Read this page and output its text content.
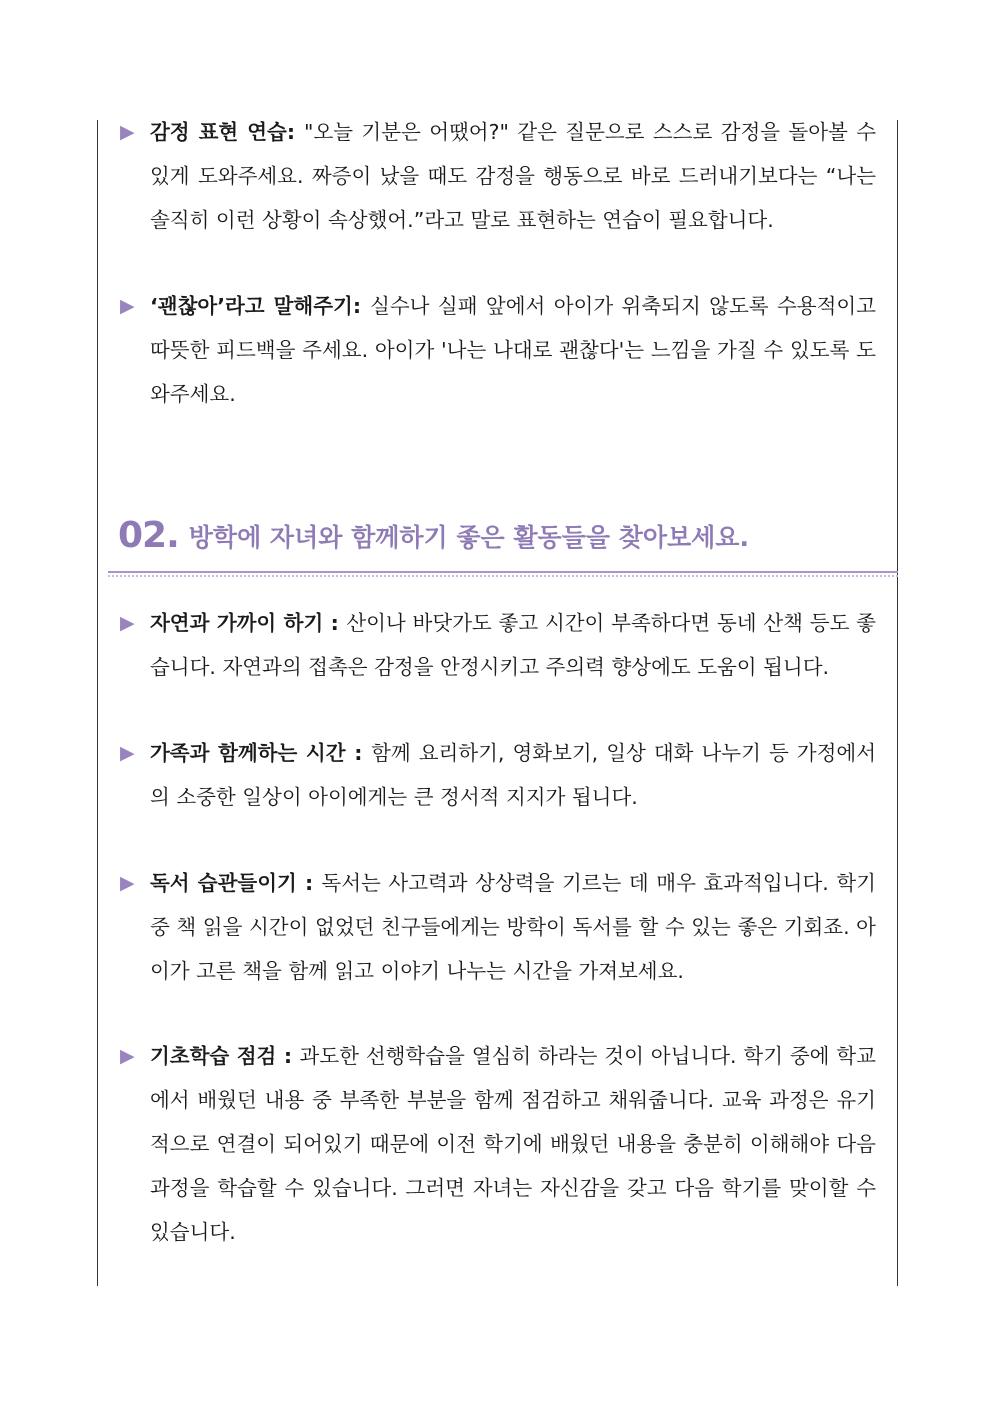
▶ 감정 표현 연습: "오늘 기분은 어땠어?" 같은 질문으로 스스로 감정을 돌아볼 수 있게 도와주세요. 짜증이 났을 때도 감정을 행동으로 바로 드러내기보다는 “나는 솔직히 이런 상황이 속상했어.”라고 말로 표현하는 연습이 필요합니다.

▶ ‘괜찮아’라고 말해주기: 실수나 실패 앞에서 아이가 위축되지 않도록 수용적이고 따뜻한 피드백을 주세요. 아이가 '나는 나대로 괜찮다'는 느낌을 가질 수 있도록 도와주세요.

02. 방학에 자녀와 함께하기 좋은 활동들을 찾아보세요.

▶ 자연과 가까이 하기 : 산이나 바닷가도 좋고 시간이 부족하다면 동네 산책 등도 좋습니다. 자연과의 접촉은 감정을 안정시키고 주의력 향상에도 도움이 됩니다.

▶ 가족과 함께하는 시간 : 함께 요리하기, 영화보기, 일상 대화 나누기 등 가정에서의 소중한 일상이 아이에게는 큰 정서적 지지가 됩니다.

▶ 독서 습관들이기 : 독서는 사고력과 상상력을 기르는 데 매우 효과적입니다. 학기 중 책 읽을 시간이 없었던 친구들에게는 방학이 독서를 할 수 있는 좋은 기회죠. 아이가 고른 책을 함께 읽고 이야기 나누는 시간을 가져보세요.

▶ 기초학습 점검 : 과도한 선행학습을 열심히 하라는 것이 아닙니다. 학기 중에 학교에서 배웠던 내용 중 부족한 부분을 함께 점검하고 채워줍니다. 교육 과정은 유기적으로 연결이 되어있기 때문에 이전 학기에 배웠던 내용을 충분히 이해해야 다음 과정을 학습할 수 있습니다. 그러면 자녀는 자신감을 갖고 다음 학기를 맞이할 수 있습니다.
